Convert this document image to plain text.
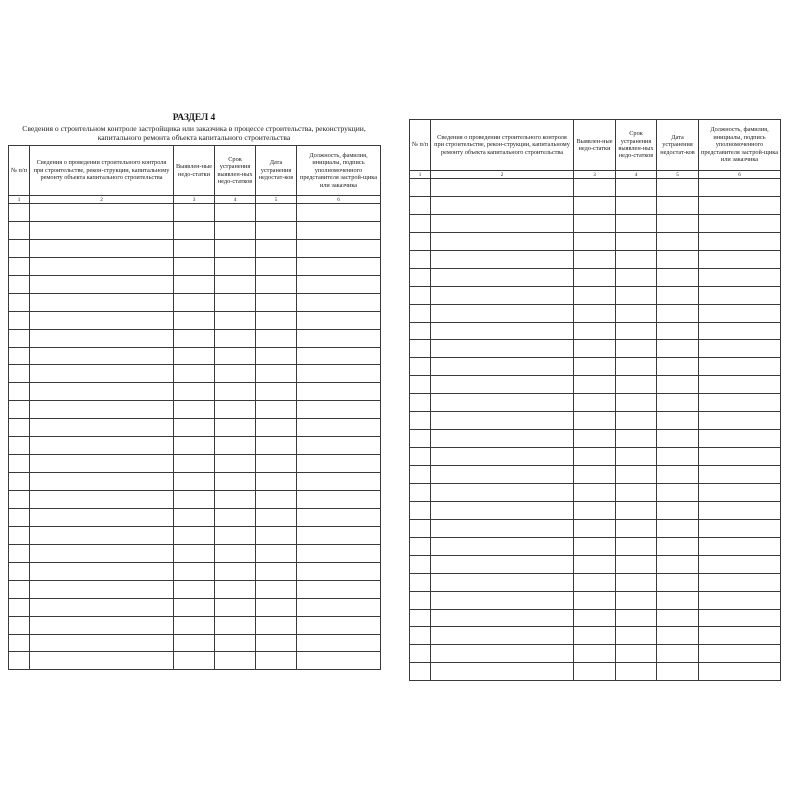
РАЗДЕЛ 4
Сведения о строительном контроле застройщика или заказчика в процессе строительства, реконструкции, капитального ремонта объекта капитального строительства
№ п/п	Сведения о проведении строительного контроля при строительстве, рекон-струкции, капитальному ремонту объекта капитального строительства	Выявлен-ные недо-статки	Срок устранения выявлен-ных недо-статков	Дата устранения недостат-ков	Должность, фамилия, инициалы, подпись уполномоченного представителя застрой-щика или заказчика
1	2	3	4	5	6

№ п/п	Сведения о проведении строительного контроля при строительстве, рекон-струкции, капитальному ремонту объекта капитального строительства	Выявлен-ные недо-статки	Срок устранения выявлен-ных недо-статков	Дата устранения недостат-ков	Должность, фамилия, инициалы, подпись уполномоченного представителя застрой-щика или заказчика
1	2	3	4	5	6
